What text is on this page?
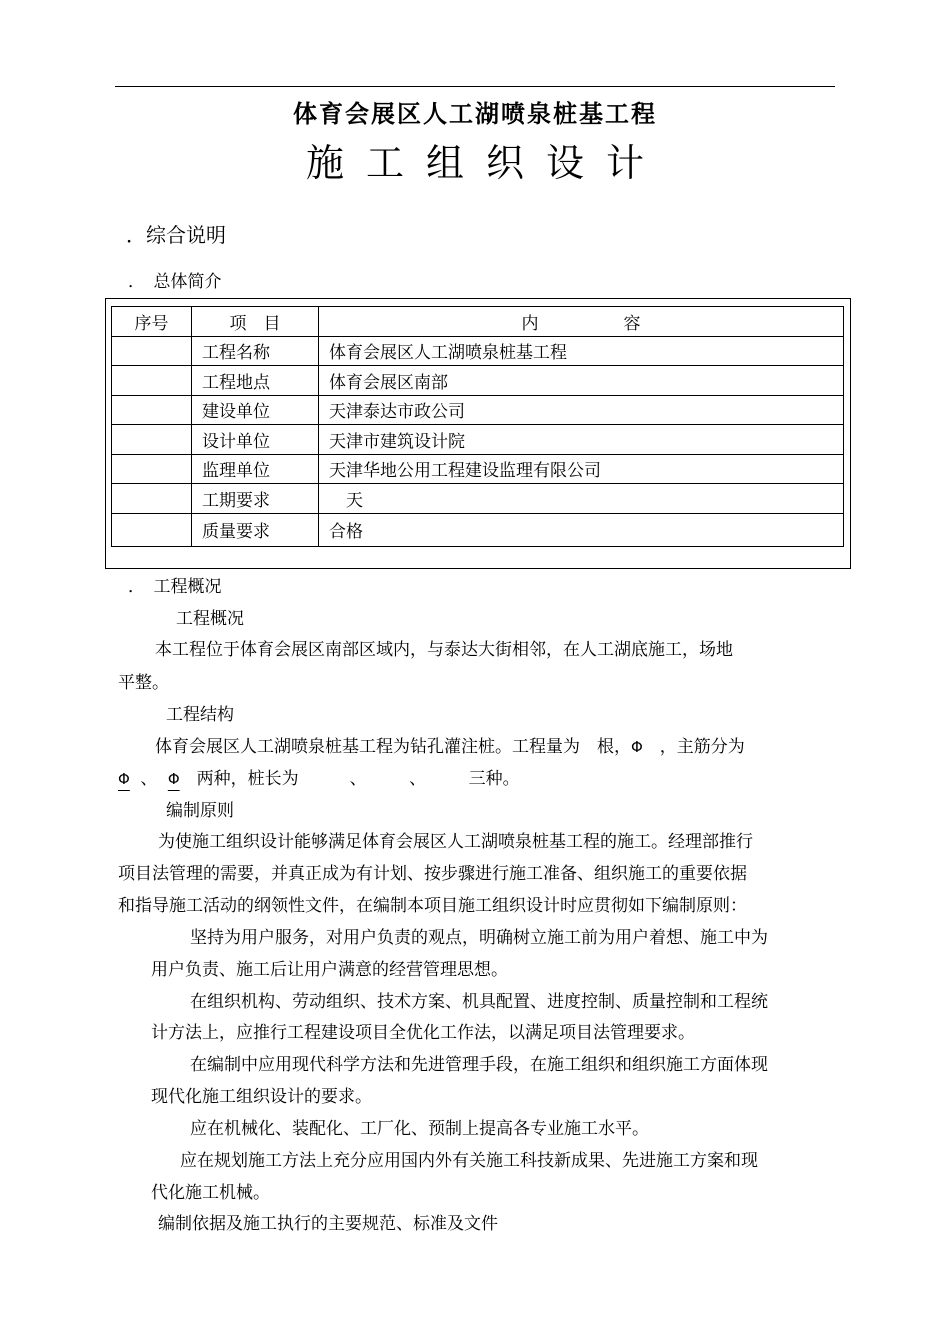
体育会展区人工湖喷泉桩基工程
施工组织设计
．综合说明
．　总体简介
序号	项　目	内　　　　　容
	工程名称	体育会展区人工湖喷泉桩基工程
	工程地点	体育会展区南部
	建设单位	天津泰达市政公司
	设计单位	天津市建筑设计院
	监理单位	天津华地公用工程建设监理有限公司
	工期要求	　天
	质量要求	合格
．　工程概况
工程概况
本工程位于体育会展区南部区域内，与泰达大街相邻，在人工湖底施工，场地
平整。
工程结构
体育会展区人工湖喷泉桩基工程为钻孔灌注桩。工程量为　根，Φ　，主筋分为
Φ 、 Φ　两种，桩长为　　　、　　　、　　　三种。
编制原则
为使施工组织设计能够满足体育会展区人工湖喷泉桩基工程的施工。经理部推行
项目法管理的需要，并真正成为有计划、按步骤进行施工准备、组织施工的重要依据
和指导施工活动的纲领性文件，在编制本项目施工组织设计时应贯彻如下编制原则：
坚持为用户服务，对用户负责的观点，明确树立施工前为用户着想、施工中为
用户负责、施工后让用户满意的经营管理思想。
在组织机构、劳动组织、技术方案、机具配置、进度控制、质量控制和工程统
计方法上，应推行工程建设项目全优化工作法，以满足项目法管理要求。
在编制中应用现代科学方法和先进管理手段，在施工组织和组织施工方面体现
现代化施工组织设计的要求。
应在机械化、装配化、工厂化、预制上提高各专业施工水平。
应在规划施工方法上充分应用国内外有关施工科技新成果、先进施工方案和现
代化施工机械。
编制依据及施工执行的主要规范、标准及文件
